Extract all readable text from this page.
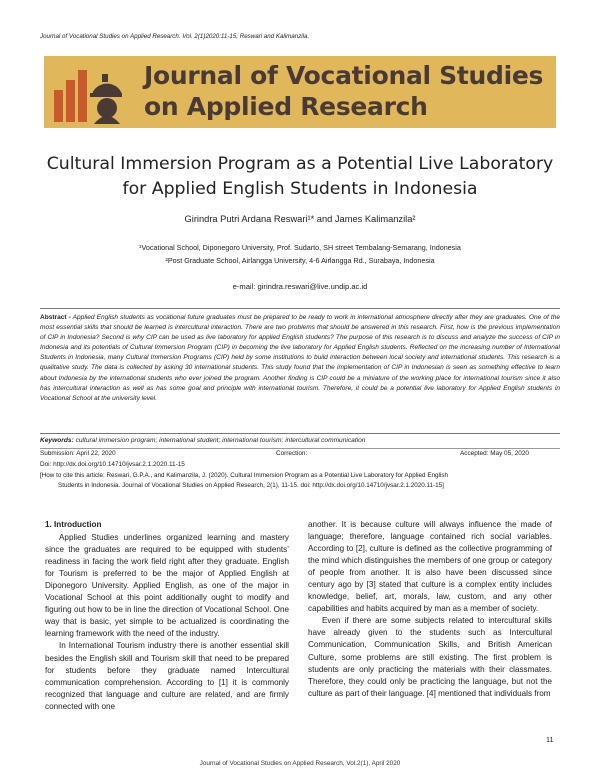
Journal of Vocational Studies on Applied Research. Vol. 2(1)2020:11-15, Reswari and Kalimanzila.
Journal of Vocational Studies
on Applied Research
Cultural Immersion Program as a Potential Live Laboratory
for Applied English Students in Indonesia
Girindra Putri Ardana Reswari¹* and James Kalimanzila²
¹Vocational School, Diponegoro University, Prof. Sudarto, SH street Tembalang-Semarang, Indonesia
²Post Graduate School, Airlangga University, 4-6 Airlangga Rd., Surabaya, Indonesia
e-mail: girindra.reswari@live.undip.ac.id
Abstract - Applied English students as vocational future graduates must be prepared to be ready to work in international atmosphere directly after they are graduates. One of the most essential skills that should be learned is intercultural interaction. There are two problems that should be answered in this research. First, how is the previous implementation of CIP in Indonesia? Second is why CIP can be used as live laboratory for applied English students? The purpose of this research is to discuss and analyze the success of CIP in Indonesia and its potentials of Cultural Immersion Program (CIP) in becoming the live laboratory for Applied English students. Reflected on the increasing number of International Students in Indonesia, many Cultural Immersion Programs (CIP) held by some institutions to build interaction between local society and international students. This research is a qualitative study. The data is collected by asking 30 international students. This study found that the implementation of CIP in Indonesian is seen as something effective to learn about Indonesia by the international students who ever joined the program. Another finding is CIP could be a miniature of the working place for international tourism since it also has intercultural interaction as well as has some goal and principle with international tourism. Therefore, it could be a potential live laboratory for Applied English students in Vocational School at the university level.
Keywords: cultural immersion program; international student; international tourism; intercultural communication
Submission: April 22, 2020	Correction:	Accepted: May 05, 2020
Doi: http://dx.doi.org/10.14710/jvsar.2.1.2020.11-15
[How to cite this article: Reswari, G.P.A., and Kalimanzila, J. (2020). Cultural Immersion Program as a Potential Live Laboratory for Applied English
Students in Indonesia. Journal of Vocational Studies on Applied Research, 2(1), 11-15. doi: http://dx.doi.org/10.14710/jvsar.2.1.2020.11-15]

1. Introduction

Applied Studies underlines organized learning and mastery since the graduates are required to be equipped with students’ readiness in facing the work field right after they graduate. English for Tourism is preferred to be the major of Applied English at Diponegoro University. Applied English, as one of the major in Vocational School at this point additionally ought to modify and figuring out how to be in line the direction of Vocational School. One way that is basic, yet simple to be actualized is coordinating the learning framework with the need of the industry.

In International Tourism industry there is another essential skill besides the English skill and Tourism skill that need to be prepared for students before they graduate named Intercultural communication comprehension. According to [1] it is commonly recognized that language and culture are related, and are firmly connected with one

another. It is because culture will always influence the made of language; therefore, language contained rich social variables. According to [2], culture is defined as the collective programming of the mind which distinguishes the members of one group or category of people from another. It is also have been discussed since century ago by [3] stated that culture is a complex entity includes knowledge, belief, art, morals, law, custom, and any other capabilities and habits acquired by man as a member of society.

Even if there are some subjects related to intercultural skills have already given to the students such as Intercultural Communication, Communication Skills, and British American Culture, some problems are still existing. The first problem is students are only practicing the materials with their classmates. Therefore, they could only be practicing the language, but not the culture as part of their language. [4] mentioned that individuals from

11
Journal of Vocational Studies on Applied Research, Vol.2(1), April 2020
